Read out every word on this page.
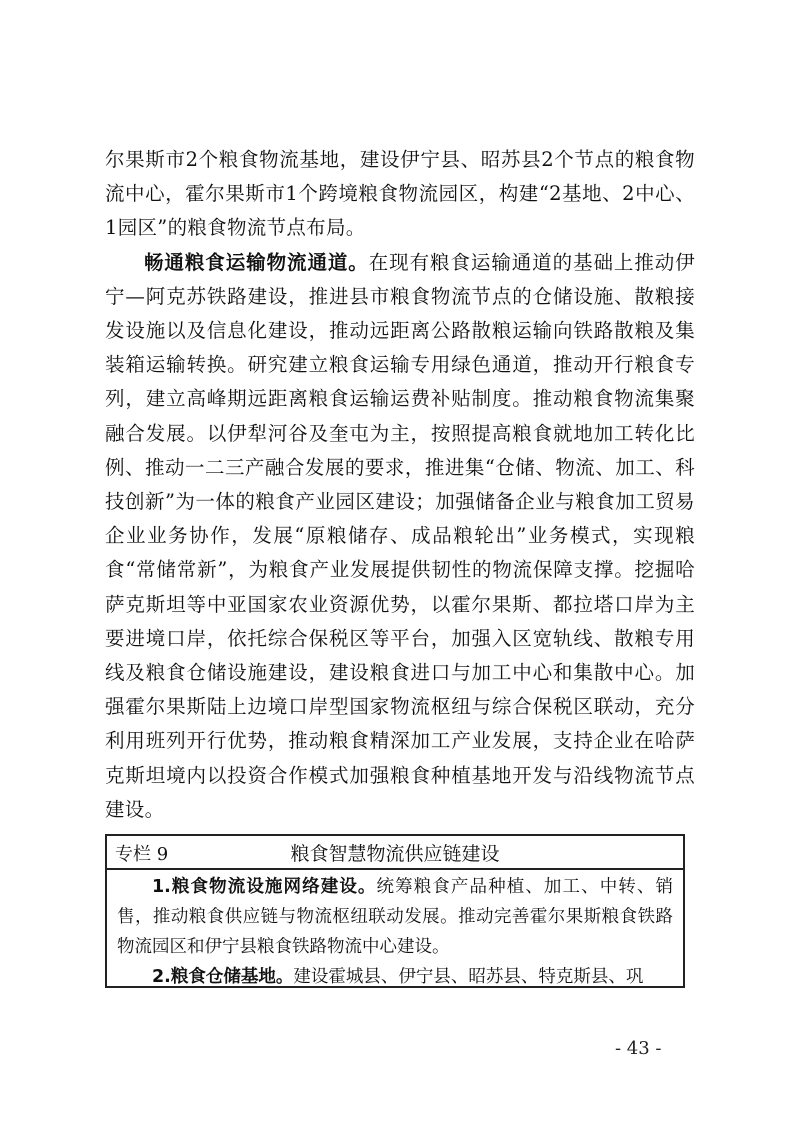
尔果斯市2个粮食物流基地，建设伊宁县、昭苏县2个节点的粮食物流中心，霍尔果斯市1个跨境粮食物流园区，构建“2基地、2中心、1园区”的粮食物流节点布局。

畅通粮食运输物流通道。在现有粮食运输通道的基础上推动伊宁—阿克苏铁路建设，推进县市粮食物流节点的仓储设施、散粮接发设施以及信息化建设，推动远距离公路散粮运输向铁路散粮及集装箱运输转换。研究建立粮食运输专用绿色通道，推动开行粮食专列，建立高峰期远距离粮食运输运费补贴制度。推动粮食物流集聚融合发展。以伊犁河谷及奎屯为主，按照提高粮食就地加工转化比例、推动一二三产融合发展的要求，推进集“仓储、物流、加工、科技创新”为一体的粮食产业园区建设；加强储备企业与粮食加工贸易企业业务协作，发展“原粮储存、成品粮轮出”业务模式，实现粮食“常储常新”，为粮食产业发展提供韧性的物流保障支撑。挖掘哈萨克斯坦等中亚国家农业资源优势，以霍尔果斯、都拉塔口岸为主要进境口岸，依托综合保税区等平台，加强入区宽轨线、散粮专用线及粮食仓储设施建设，建设粮食进口与加工中心和集散中心。加强霍尔果斯陆上边境口岸型国家物流枢纽与综合保税区联动，充分利用班列开行优势，推动粮食精深加工产业发展，支持企业在哈萨克斯坦境内以投资合作模式加强粮食种植基地开发与沿线物流节点建设。

专栏 9	粮食智慧物流供应链建设

1.粮食物流设施网络建设。统筹粮食产品种植、加工、中转、销售，推动粮食供应链与物流枢纽联动发展。推动完善霍尔果斯粮食铁路物流园区和伊宁县粮食铁路物流中心建设。

2.粮食仓储基地。建设霍城县、伊宁县、昭苏县、特克斯县、巩

- 43 -
